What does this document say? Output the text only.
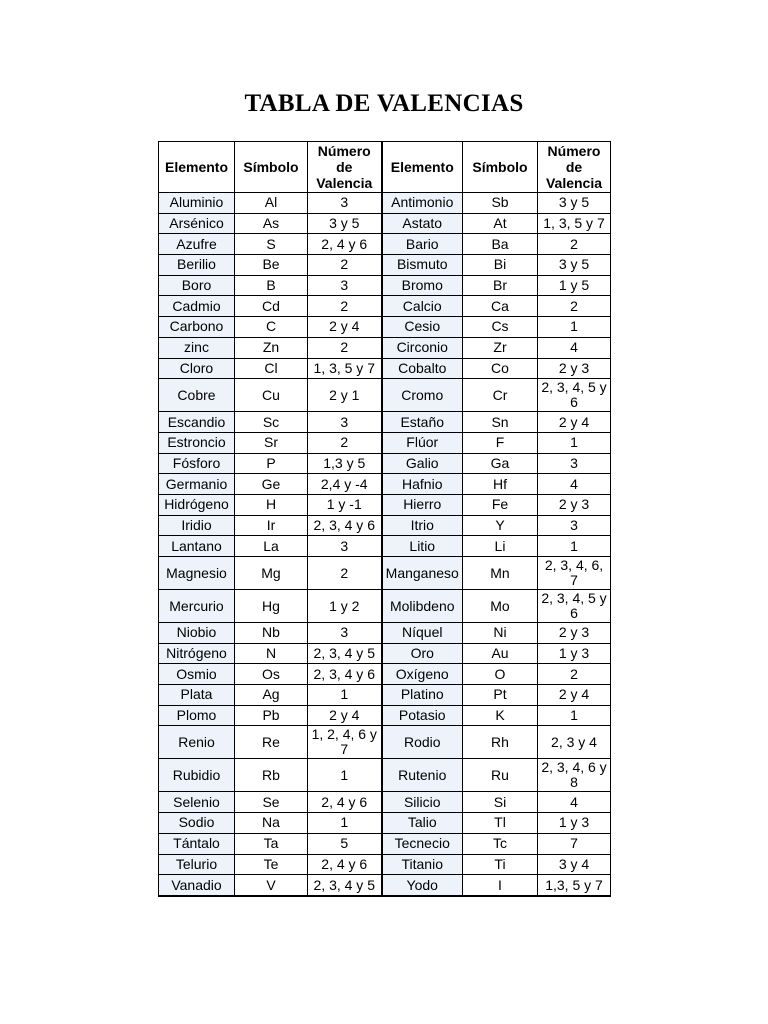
TABLA DE VALENCIAS
Elemento	Símbolo	Número de Valencia	Elemento	Símbolo	Número de Valencia
Aluminio	Al	3	Antimonio	Sb	3 y 5
Arsénico	As	3 y 5	Astato	At	1, 3, 5 y 7
Azufre	S	2, 4 y 6	Bario	Ba	2
Berilio	Be	2	Bismuto	Bi	3 y 5
Boro	B	3	Bromo	Br	1 y 5
Cadmio	Cd	2	Calcio	Ca	2
Carbono	C	2 y 4	Cesio	Cs	1
zinc	Zn	2	Circonio	Zr	4
Cloro	Cl	1, 3, 5 y 7	Cobalto	Co	2 y 3
Cobre	Cu	2 y 1	Cromo	Cr	2, 3, 4, 5 y 6
Escandio	Sc	3	Estaño	Sn	2 y 4
Estroncio	Sr	2	Flúor	F	1
Fósforo	P	1,3 y 5	Galio	Ga	3
Germanio	Ge	2,4 y -4	Hafnio	Hf	4
Hidrógeno	H	1 y -1	Hierro	Fe	2 y 3
Iridio	Ir	2, 3, 4 y 6	Itrio	Y	3
Lantano	La	3	Litio	Li	1
Magnesio	Mg	2	Manganeso	Mn	2, 3, 4, 6, 7
Mercurio	Hg	1 y 2	Molibdeno	Mo	2, 3, 4, 5 y 6
Niobio	Nb	3	Níquel	Ni	2 y 3
Nitrógeno	N	2, 3, 4 y 5	Oro	Au	1 y 3
Osmio	Os	2, 3, 4 y 6	Oxígeno	O	2
Plata	Ag	1	Platino	Pt	2 y 4
Plomo	Pb	2 y 4	Potasio	K	1
Renio	Re	1, 2, 4, 6 y 7	Rodio	Rh	2, 3 y 4
Rubidio	Rb	1	Rutenio	Ru	2, 3, 4, 6 y 8
Selenio	Se	2, 4 y 6	Silicio	Si	4
Sodio	Na	1	Talio	Tl	1 y 3
Tántalo	Ta	5	Tecnecio	Tc	7
Telurio	Te	2, 4 y 6	Titanio	Ti	3 y 4
Vanadio	V	2, 3, 4 y 5	Yodo	I	1,3, 5 y 7
